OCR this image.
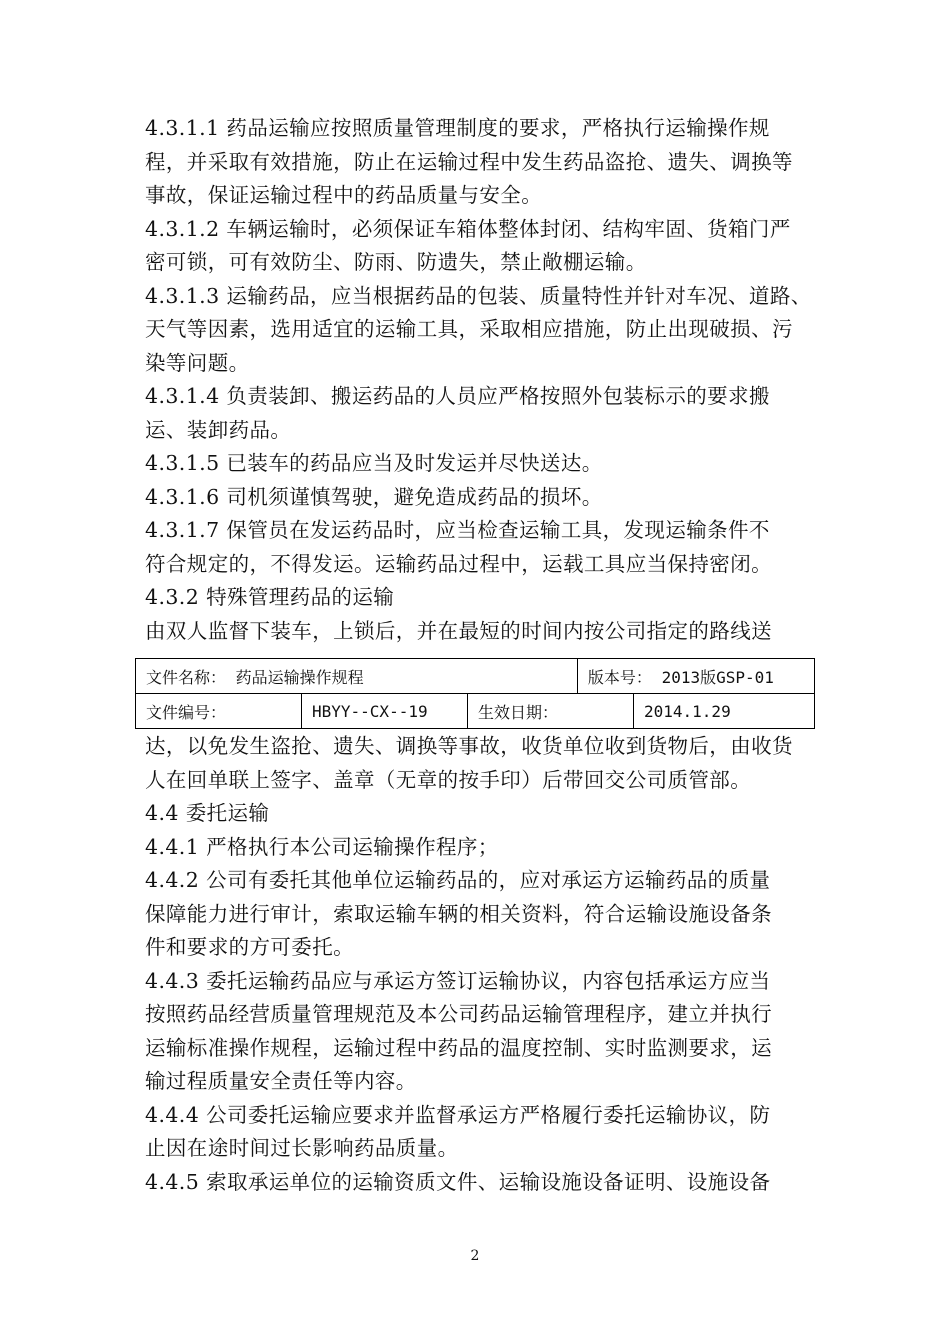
4.3.1.1 药品运输应按照质量管理制度的要求，严格执行运输操作规

程，并采取有效措施，防止在运输过程中发生药品盗抢、遗失、调换等

事故，保证运输过程中的药品质量与安全。

4.3.1.2 车辆运输时，必须保证车箱体整体封闭、结构牢固、货箱门严

密可锁，可有效防尘、防雨、防遗失，禁止敞棚运输。

4.3.1.3 运输药品，应当根据药品的包装、质量特性并针对车况、道路、

天气等因素，选用适宜的运输工具，采取相应措施，防止出现破损、污

染等问题。

4.3.1.4 负责装卸、搬运药品的人员应严格按照外包装标示的要求搬

运、装卸药品。

4.3.1.5 已装车的药品应当及时发运并尽快送达。

4.3.1.6 司机须谨慎驾驶，避免造成药品的损坏。

4.3.1.7 保管员在发运药品时，应当检查运输工具，发现运输条件不

符合规定的，不得发运。运输药品过程中，运载工具应当保持密闭。

4.3.2 特殊管理药品的运输

由双人监督下装车，上锁后，并在最短的时间内按公司指定的路线送

文件名称： 药品运输操作规程			版本号： 2013版GSP-01	
文件编号：	HBYY--CX--19	生效日期：		2014.1.29

达，以免发生盗抢、遗失、调换等事故，收货单位收到货物后，由收货

人在回单联上签字、盖章（无章的按手印）后带回交公司质管部。

4.4 委托运输

4.4.1 严格执行本公司运输操作程序；

4.4.2 公司有委托其他单位运输药品的，应对承运方运输药品的质量

保障能力进行审计，索取运输车辆的相关资料，符合运输设施设备条

件和要求的方可委托。

4.4.3 委托运输药品应与承运方签订运输协议，内容包括承运方应当

按照药品经营质量管理规范及本公司药品运输管理程序，建立并执行

运输标准操作规程，运输过程中药品的温度控制、实时监测要求，运

输过程质量安全责任等内容。

4.4.4 公司委托运输应要求并监督承运方严格履行委托运输协议，防

止因在途时间过长影响药品质量。

4.4.5 索取承运单位的运输资质文件、运输设施设备证明、设施设备

2
